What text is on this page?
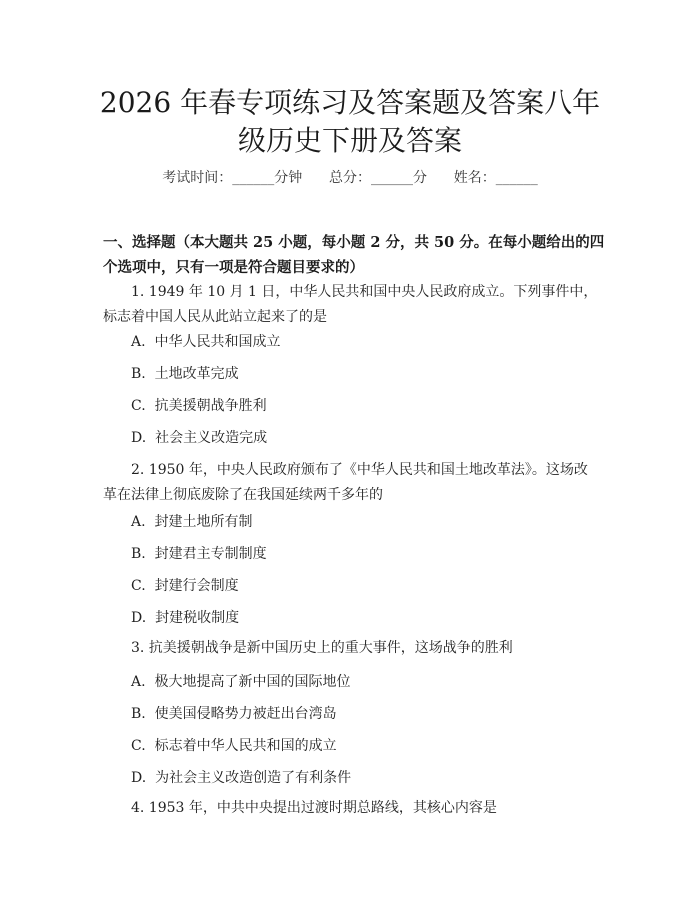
2026 年春专项练习及答案题及答案八年级历史下册及答案
考试时间：______分钟 总分：______分 姓名：______

一、选择题（本大题共 25 小题，每小题 2 分，共 50 分。在每小题给出的四个选项中，只有一项是符合题目要求的）

1. 1949 年 10 月 1 日，中华人民共和国中央人民政府成立。下列事件中，标志着中国人民从此站立起来了的是

A.  中华人民共和国成立

B.  土地改革完成

C.  抗美援朝战争胜利

D.  社会主义改造完成

2. 1950 年，中央人民政府颁布了《中华人民共和国土地改革法》。这场改革在法律上彻底废除了在我国延续两千多年的

A.  封建土地所有制

B.  封建君主专制制度

C.  封建行会制度

D.  封建税收制度

3. 抗美援朝战争是新中国历史上的重大事件，这场战争的胜利

A.  极大地提高了新中国的国际地位

B.  使美国侵略势力被赶出台湾岛

C.  标志着中华人民共和国的成立

D.  为社会主义改造创造了有利条件

4. 1953 年，中共中央提出过渡时期总路线，其核心内容是
